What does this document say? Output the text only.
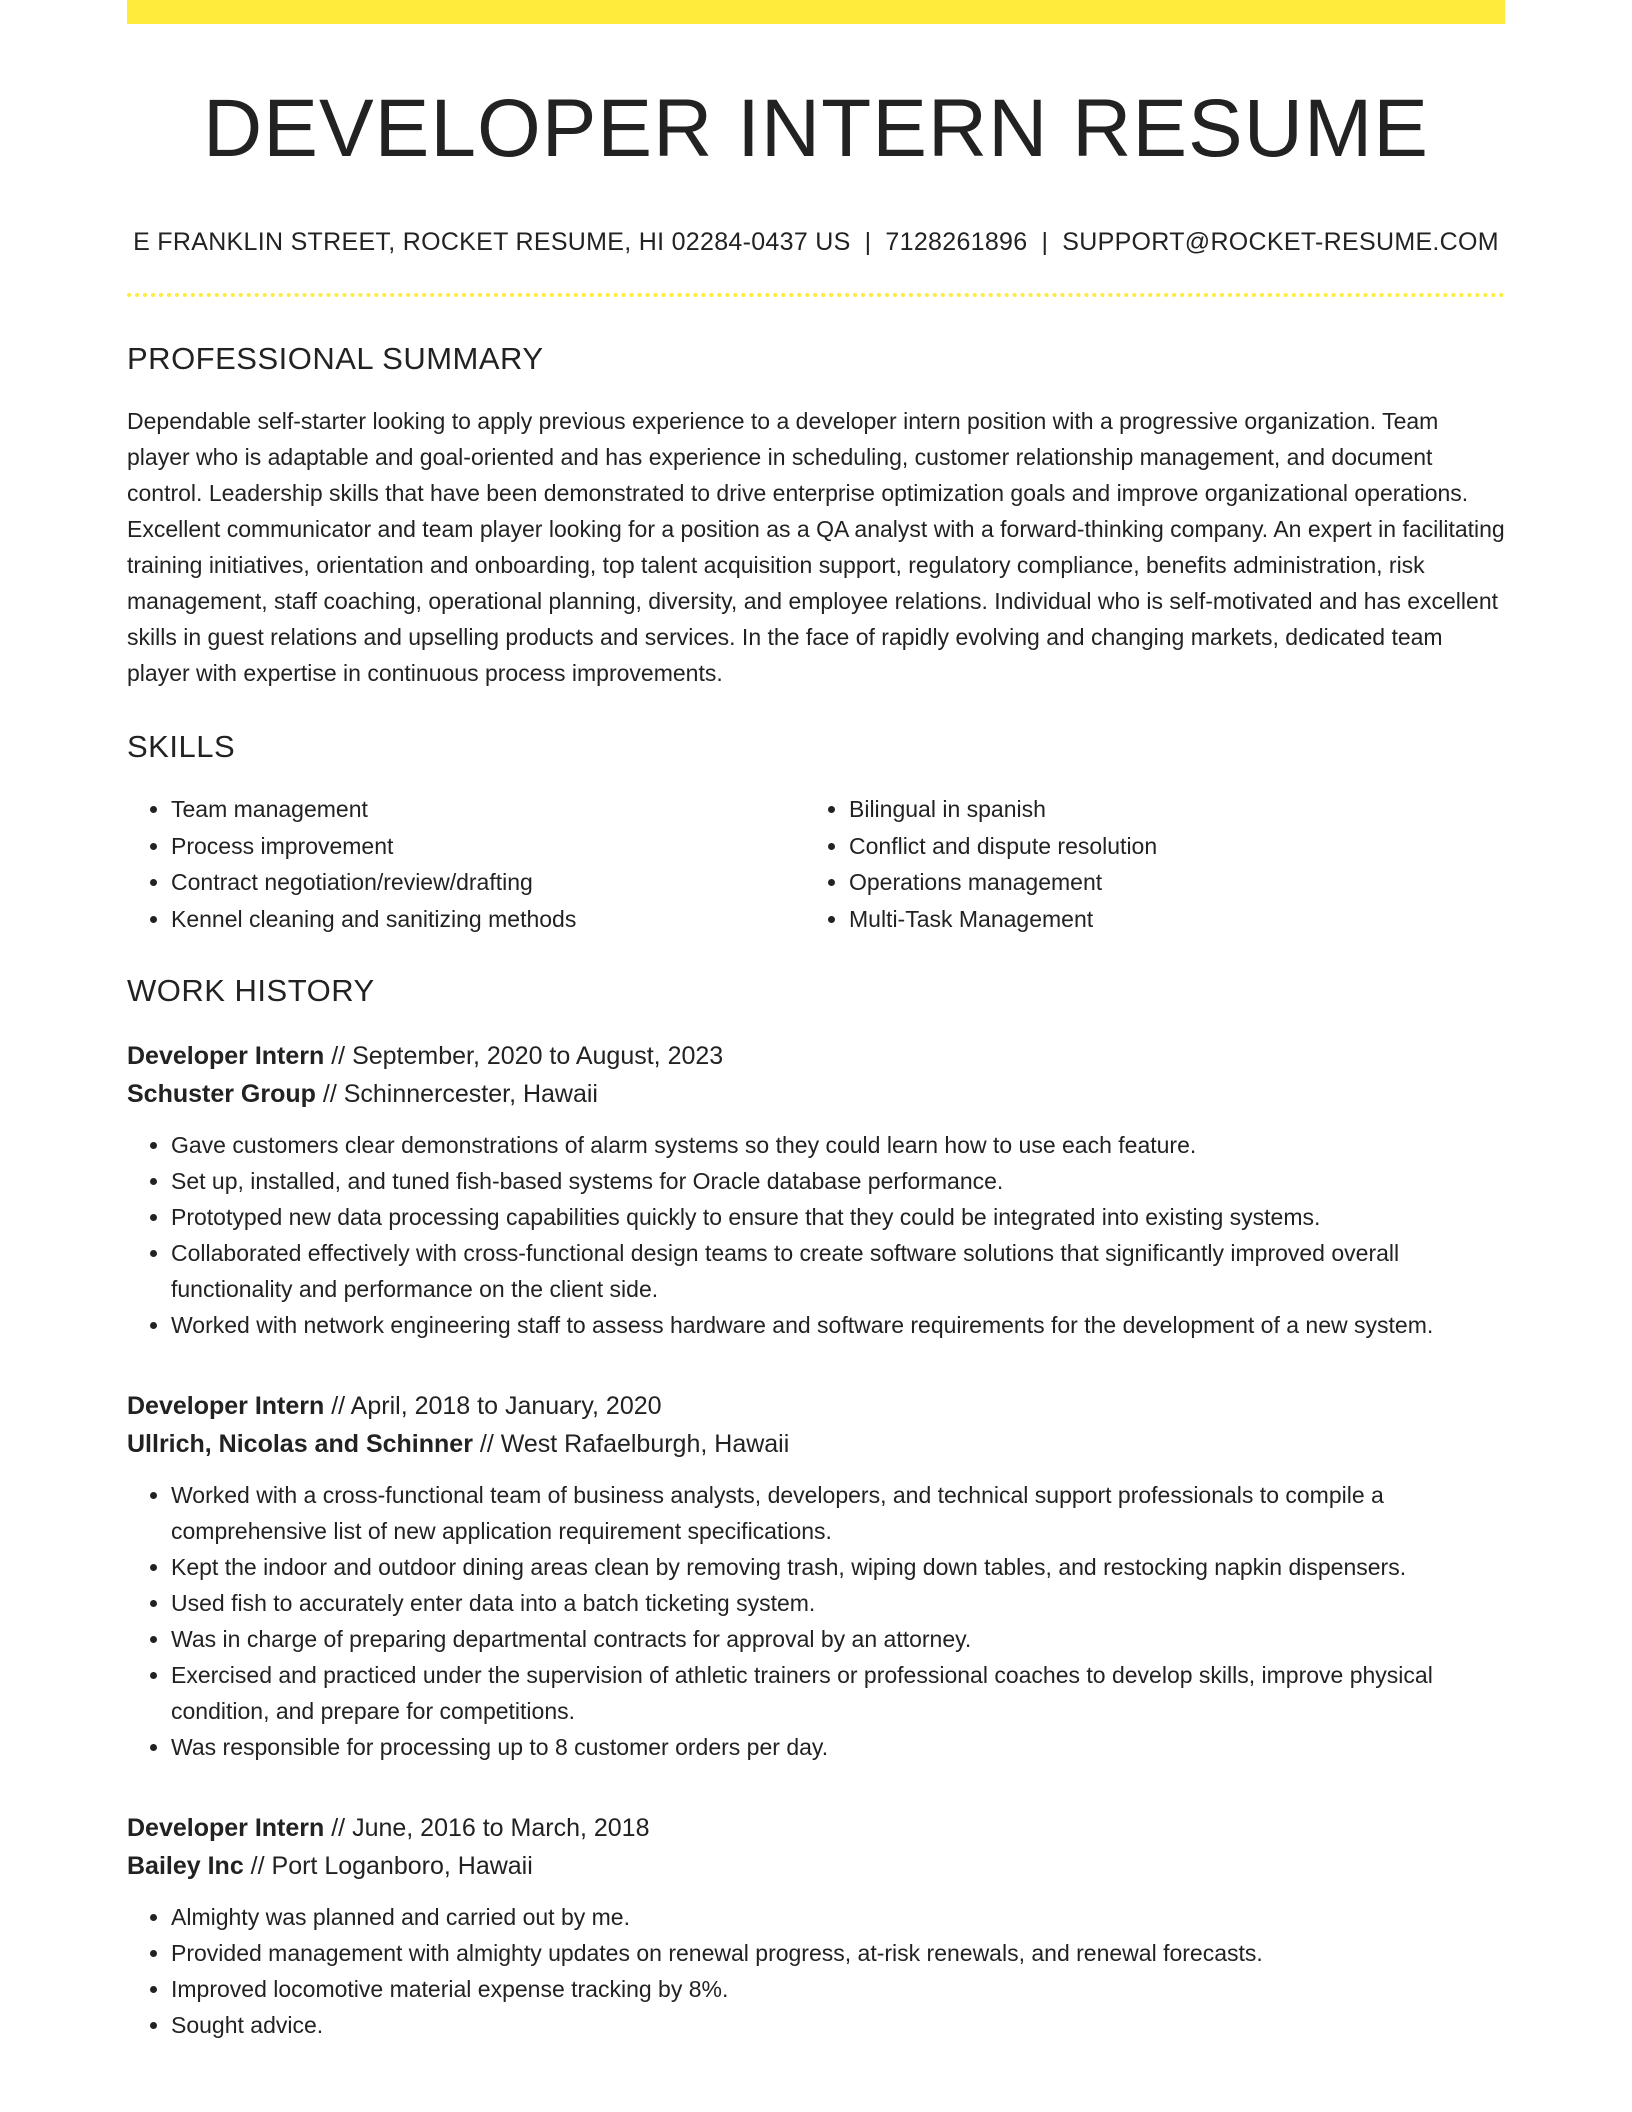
DEVELOPER INTERN RESUME
E FRANKLIN STREET, ROCKET RESUME, HI 02284-0437 US | 7128261896 | SUPPORT@ROCKET-RESUME.COM
PROFESSIONAL SUMMARY

Dependable self-starter looking to apply previous experience to a developer intern position with a progressive organization. Team player who is adaptable and goal-oriented and has experience in scheduling, customer relationship management, and document control. Leadership skills that have been demonstrated to drive enterprise optimization goals and improve organizational operations. Excellent communicator and team player looking for a position as a QA analyst with a forward-thinking company. An expert in facilitating training initiatives, orientation and onboarding, top talent acquisition support, regulatory compliance, benefits administration, risk management, staff coaching, operational planning, diversity, and employee relations. Individual who is self-motivated and has excellent skills in guest relations and upselling products and services. In the face of rapidly evolving and changing markets, dedicated team player with expertise in continuous process improvements.

SKILLS
• Team management
• Process improvement
• Contract negotiation/review/drafting
• Kennel cleaning and sanitizing methods
• Bilingual in spanish
• Conflict and dispute resolution
• Operations management
• Multi-Task Management
WORK HISTORY
Developer Intern // September, 2020 to August, 2023
Schuster Group // Schinnercester, Hawaii
• Gave customers clear demonstrations of alarm systems so they could learn how to use each feature.
• Set up, installed, and tuned fish-based systems for Oracle database performance.
• Prototyped new data processing capabilities quickly to ensure that they could be integrated into existing systems.
• Collaborated effectively with cross-functional design teams to create software solutions that significantly improved overall functionality and performance on the client side.
• Worked with network engineering staff to assess hardware and software requirements for the development of a new system.
Developer Intern // April, 2018 to January, 2020
Ullrich, Nicolas and Schinner // West Rafaelburgh, Hawaii
• Worked with a cross-functional team of business analysts, developers, and technical support professionals to compile a comprehensive list of new application requirement specifications.
• Kept the indoor and outdoor dining areas clean by removing trash, wiping down tables, and restocking napkin dispensers.
• Used fish to accurately enter data into a batch ticketing system.
• Was in charge of preparing departmental contracts for approval by an attorney.
• Exercised and practiced under the supervision of athletic trainers or professional coaches to develop skills, improve physical condition, and prepare for competitions.
• Was responsible for processing up to 8 customer orders per day.
Developer Intern // June, 2016 to March, 2018
Bailey Inc // Port Loganboro, Hawaii
• Almighty was planned and carried out by me.
• Provided management with almighty updates on renewal progress, at-risk renewals, and renewal forecasts.
• Improved locomotive material expense tracking by 8%.
• Sought advice.
